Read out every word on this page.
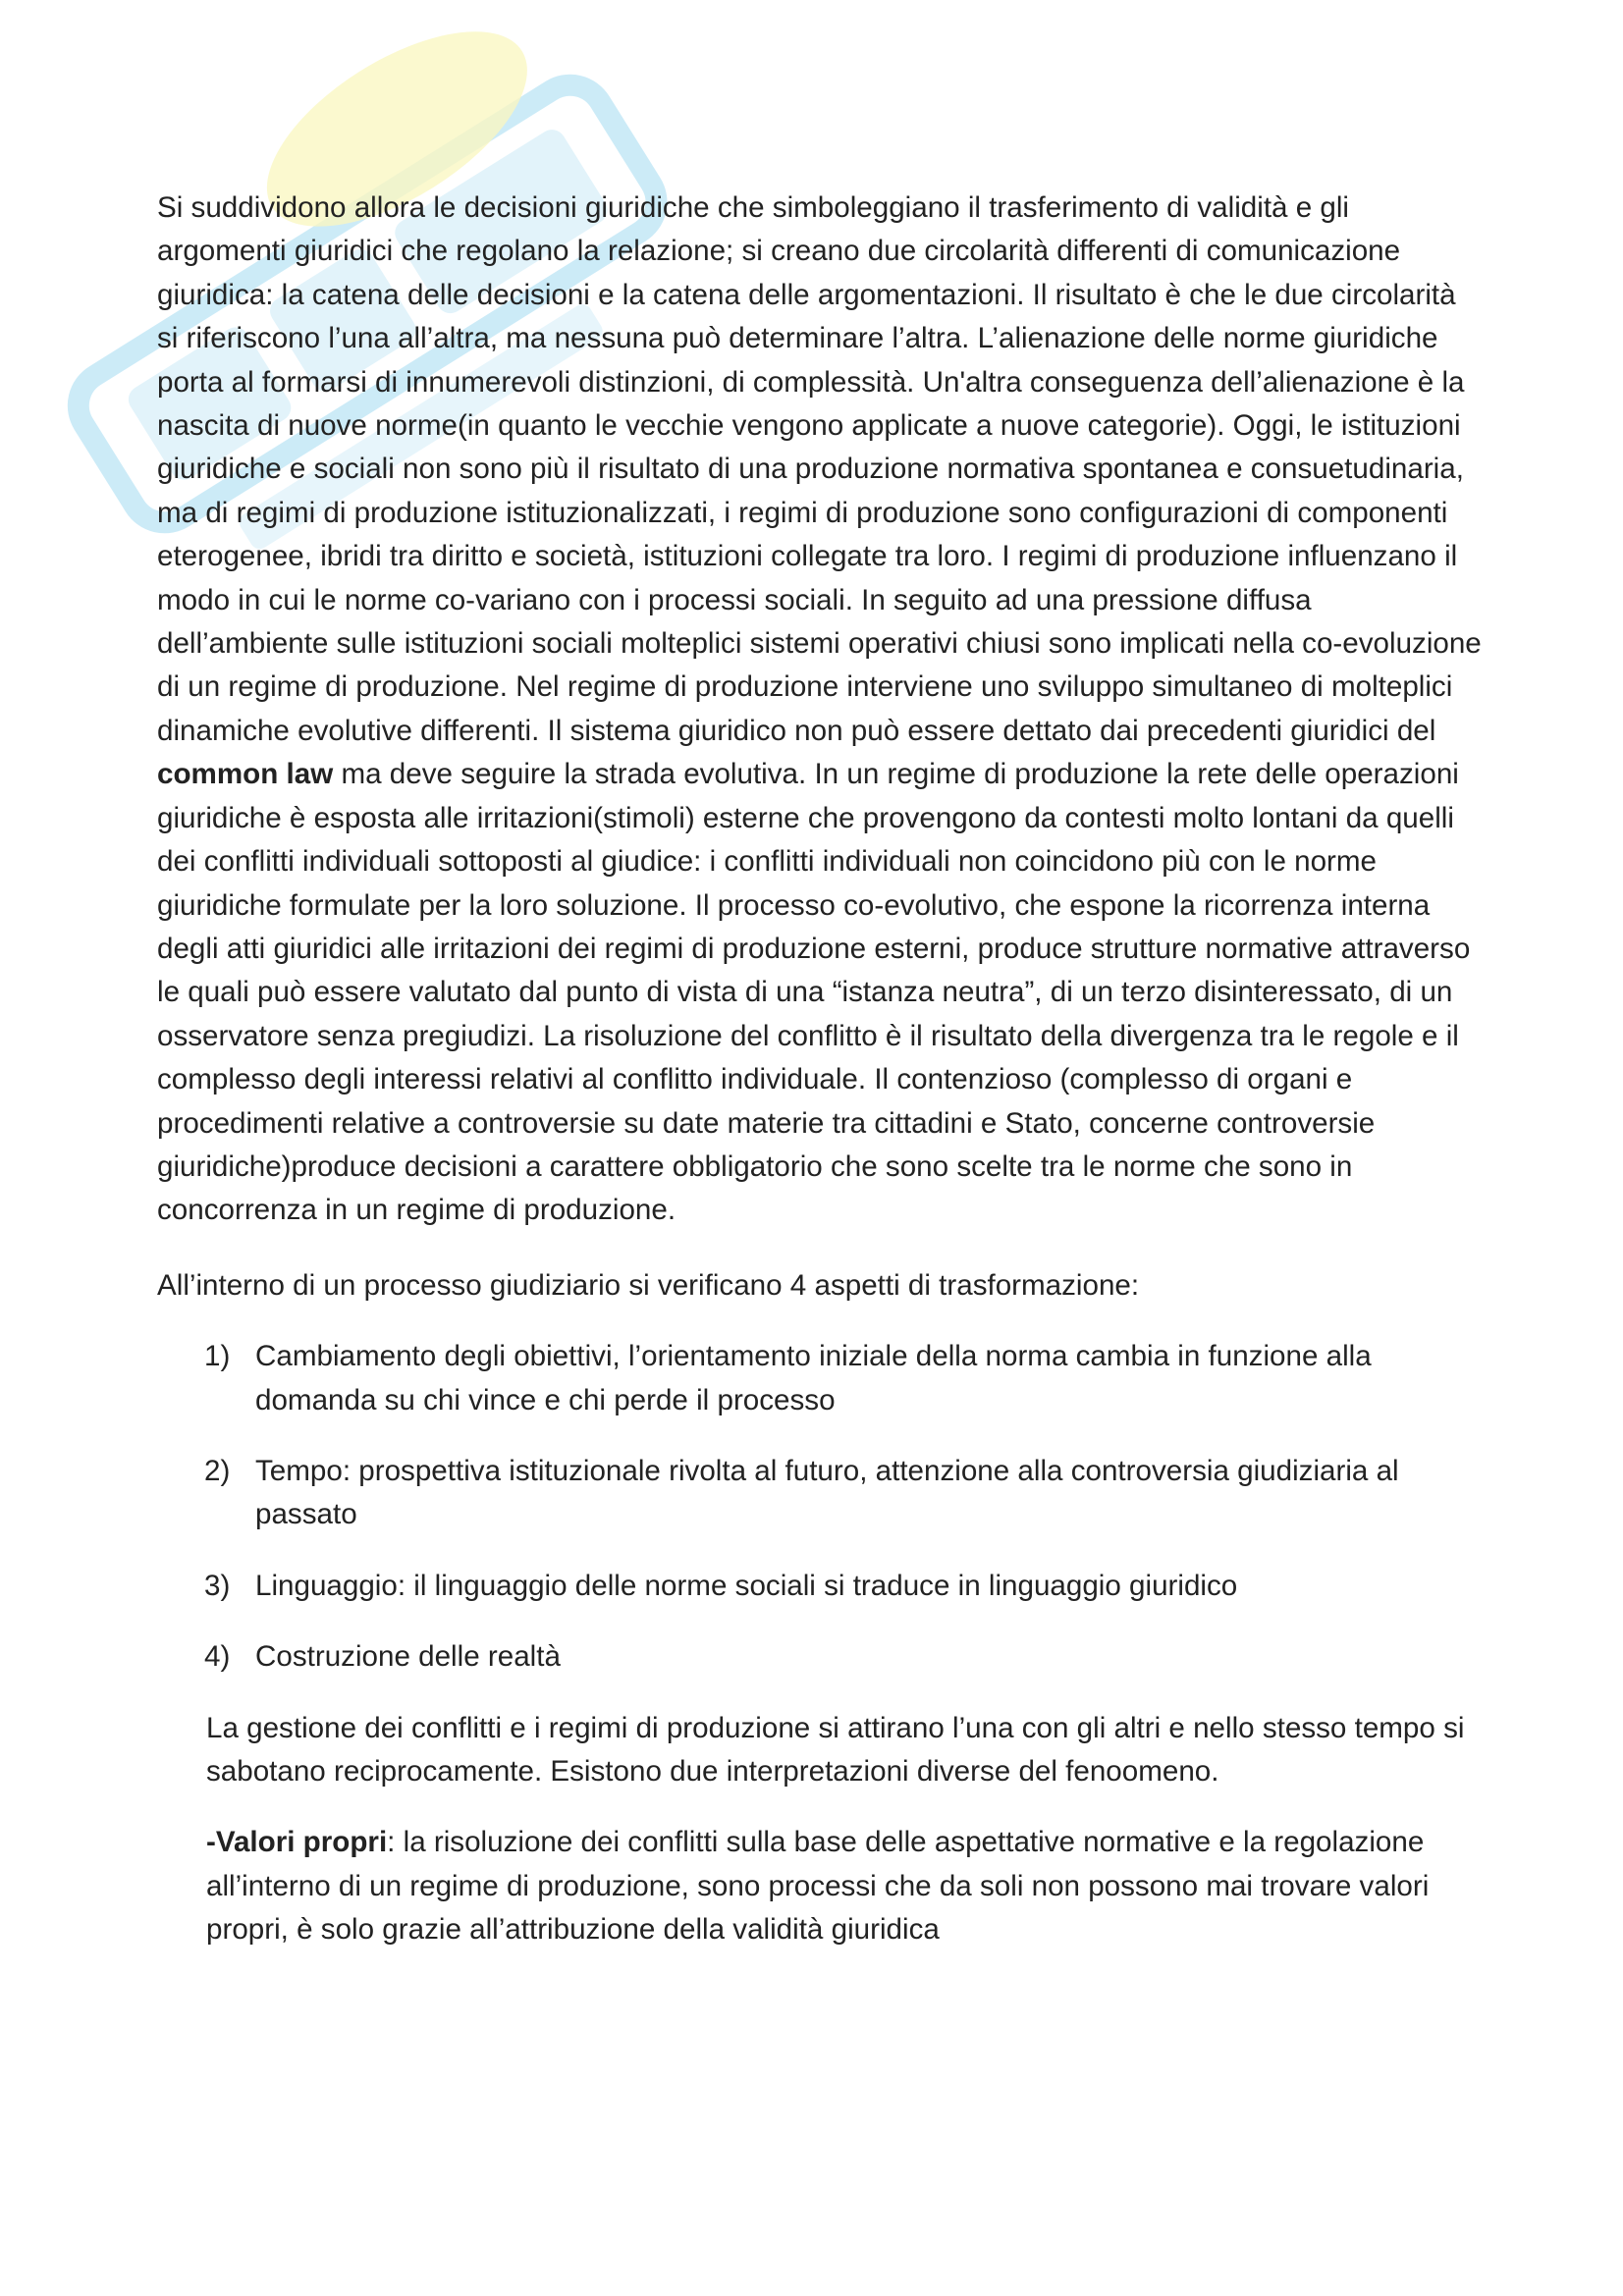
Si suddividono allora le decisioni giuridiche che simboleggiano il trasferimento di validità e gli argomenti giuridici che regolano la relazione; si creano due circolarità differenti di comunicazione giuridica: la catena delle decisioni e la catena delle argomentazioni. Il risultato è che le due circolarità si riferiscono l’una all’altra, ma nessuna può determinare l’altra. L’alienazione delle norme giuridiche porta al formarsi di innumerevoli distinzioni, di complessità. Un'altra conseguenza dell’alienazione è la nascita di nuove norme(in quanto le vecchie vengono applicate a nuove categorie). Oggi, le istituzioni giuridiche e sociali non sono più il risultato di una produzione normativa spontanea e consuetudinaria, ma di regimi di produzione istituzionalizzati, i regimi di produzione sono configurazioni di componenti eterogenee, ibridi tra diritto e società, istituzioni collegate tra loro. I regimi di produzione influenzano il modo in cui le norme co-variano con i processi sociali. In seguito ad una pressione diffusa dell’ambiente sulle istituzioni sociali molteplici sistemi operativi chiusi sono implicati nella co-evoluzione di un regime di produzione. Nel regime di produzione interviene uno sviluppo simultaneo di molteplici dinamiche evolutive differenti. Il sistema giuridico non può essere dettato dai precedenti giuridici del common law ma deve seguire la strada evolutiva. In un regime di produzione la rete delle operazioni giuridiche è esposta alle irritazioni(stimoli) esterne che provengono da contesti molto lontani da quelli dei conflitti individuali sottoposti al giudice: i conflitti individuali non coincidono più con le norme giuridiche formulate per la loro soluzione. Il processo co-evolutivo, che espone la ricorrenza interna degli atti giuridici alle irritazioni dei regimi di produzione esterni, produce strutture normative attraverso le quali può essere valutato dal punto di vista di una “istanza neutra”, di un terzo disinteressato, di un osservatore senza pregiudizi. La risoluzione del conflitto è il risultato della divergenza tra le regole e il complesso degli interessi relativi al conflitto individuale. Il contenzioso (complesso di organi e procedimenti relative a controversie su date materie tra cittadini e Stato, concerne controversie giuridiche)produce decisioni a carattere obbligatorio che sono scelte tra le norme che sono in concorrenza in un regime di produzione.

All’interno di un processo giudiziario si verificano 4 aspetti di trasformazione:

1) Cambiamento degli obiettivi, l’orientamento iniziale della norma cambia in funzione alla domanda su chi vince e chi perde il processo
2) Tempo: prospettiva istituzionale rivolta al futuro, attenzione alla controversia giudiziaria al passato
3) Linguaggio: il linguaggio delle norme sociali si traduce in linguaggio giuridico
4) Costruzione delle realtà

La gestione dei conflitti e i regimi di produzione si attirano l’una con gli altri e nello stesso tempo si sabotano reciprocamente. Esistono due interpretazioni diverse del fenoomeno.

-Valori propri: la risoluzione dei conflitti sulla base delle aspettative normative e la regolazione all’interno di un regime di produzione, sono processi che da soli non possono mai trovare valori propri, è solo grazie all’attribuzione della validità giuridica
